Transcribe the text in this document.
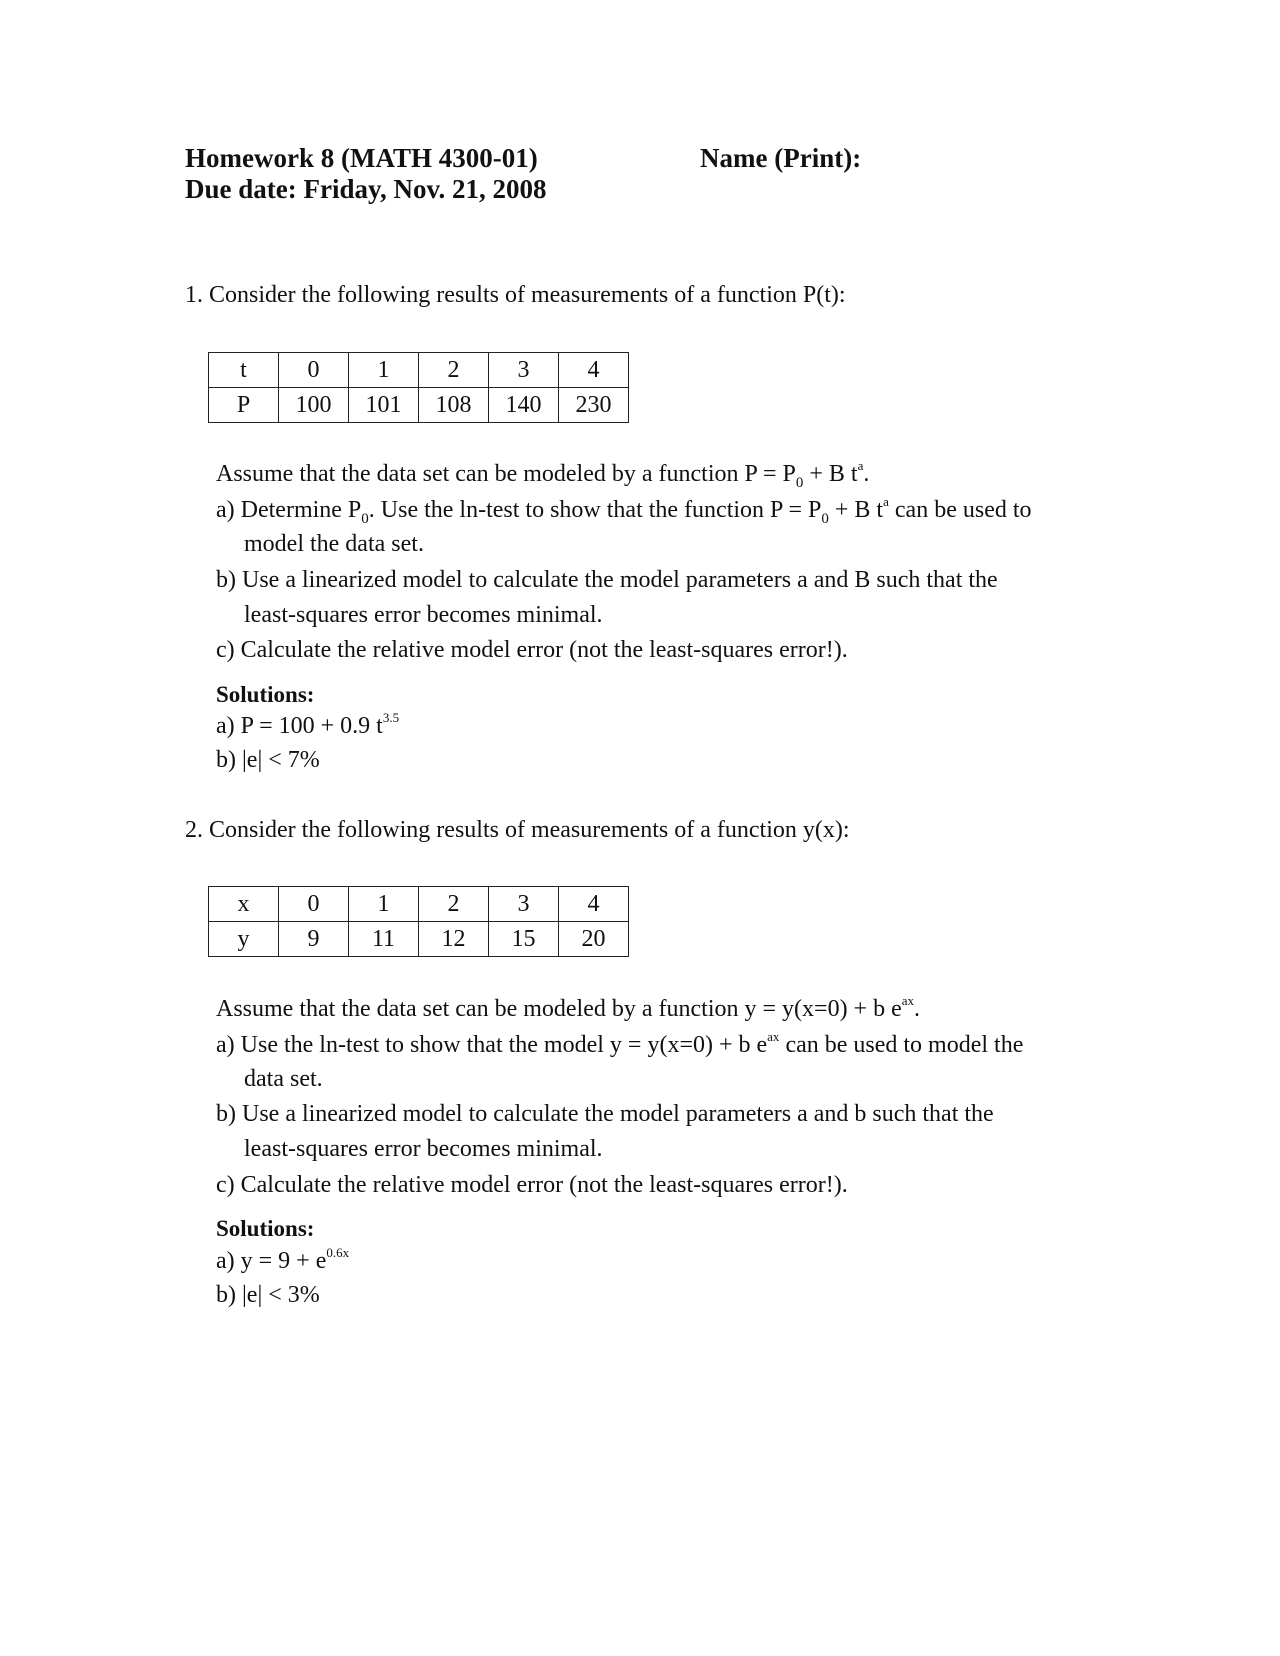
Homework 8 (MATH 4300-01)
Due date: Friday, Nov. 21, 2008
Name (Print):
1. Consider the following results of measurements of a function P(t):
t	0	1	2	3	4
P	100	101	108	140	230
Assume that the data set can be modeled by a function $P = P_0 + B$ $t^a$.
a) Determine $P_0$. Use the ln-test to show that the function $P = P_0 + B$ $t^a$ can be used to
model the data set.
b) Use a linearized model to calculate the model parameters a and B such that the
least-squares error becomes minimal.
c) Calculate the relative model error (not the least-squares error!).
Solutions:
a) P = 100 + 0.9 $t^{3.5}$
b) |e| < 7%
2. Consider the following results of measurements of a function y(x):
x	0	1	2	3	4
y	9	11	12	15	20
Assume that the data set can be modeled by a function y = y(x=0) + b $e^{ax}$.
a) Use the ln-test to show that the model y = y(x=0) + b $e^{ax}$ can be used to model the
data set.
b) Use a linearized model to calculate the model parameters a and b such that the
least-squares error becomes minimal.
c) Calculate the relative model error (not the least-squares error!).
Solutions:
a) $y = 9 + e^{0.6x}$
b) |e| < 3%
